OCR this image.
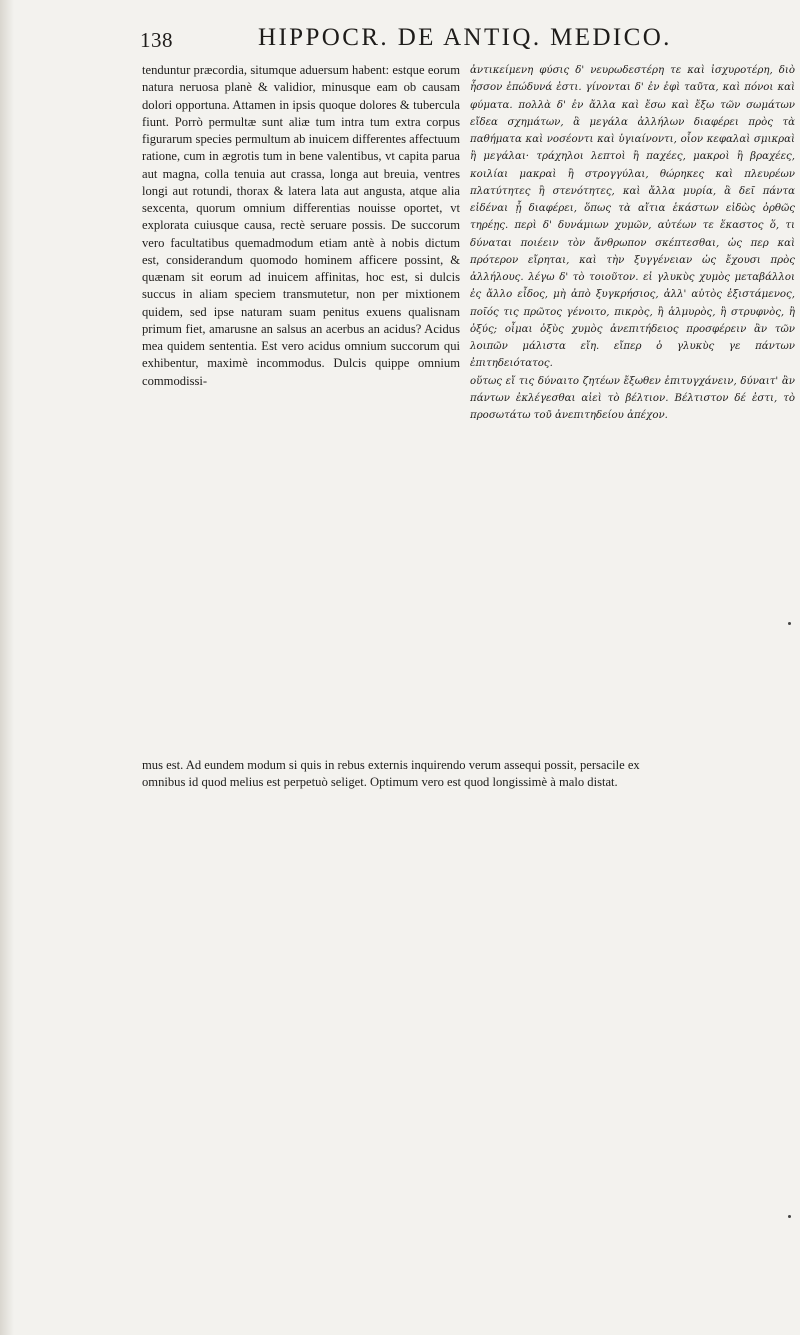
138	HIPPOCR. DE ANTIQ. MEDICO.

tenduntur præcordia, situmque aduersum habent: estque eorum natura neruosa planè & validior, minusque eam ob causam dolori opportuna. Attamen in ipsis quoque dolores & tubercula fiunt. Porrò permultæ sunt aliæ tum intra tum extra corpus figurarum species permultum ab inuicem differentes affectuum ratione, cum in ægrotis tum in bene valentibus, vt capita parua aut magna, colla tenuia aut crassa, longa aut breuia, ventres longi aut rotundi, thorax & latera lata aut angusta, atque alia sexcenta, quorum omnium differentias nouisse oportet, vt explorata cuiusque causa, rectè seruare possis. De succorum vero facultatibus quemadmodum etiam antè à nobis dictum est, considerandum quomodo hominem afficere possint, & quænam sit eorum ad inuicem affinitas, hoc est, si dulcis succus in aliam speciem transmutetur, non per mixtionem quidem, sed ipse naturam suam penitus exuens qualisnam primum fiet, amarusne an salsus an acerbus an acidus? Acidus mea quidem sententia. Est vero acidus omnium succorum qui exhibentur, maximè incommodus. Dulcis quippe omnium commodissi-

ἀντικείμενη φύσις δ' νευρωδεστέρη τε καὶ ἰσχυροτέρη, διὸ ἧσσον ἐπώδυνά ἐστι. γίνονται δ' ἐν ἐφὶ ταῦτα, καὶ πόνοι καὶ φύματα. πολλὰ δ' ἐν ἄλλα καὶ ἔσω καὶ ἔξω τῶν σωμάτων εἴδεα σχημάτων, ἃ μεγάλα ἀλλήλων διαφέρει πρὸς τὰ παθήματα καὶ νοσέοντι καὶ ὑγιαίνοντι, οἷον κεφαλαὶ σμικραὶ ἢ μεγάλαι· τράχηλοι λεπτοὶ ἢ παχέες, μακροὶ ἢ βραχέες, κοιλίαι μακραὶ ἢ στρογγύλαι, θώρηκες καὶ πλευρέων πλατύτητες ἢ στενότητες, καὶ ἄλλα μυρία, ἃ δεῖ πάντα εἰδέναι ᾗ διαφέρει, ὅπως τὰ αἴτια ἑκάστων εἰδὼς ὀρθῶς τηρέῃς. περὶ δ' δυνάμιων χυμῶν, αὐτέων τε ἕκαστος ὅ, τι δύναται ποιέειν τὸν ἄνθρωπον σκέπτεσθαι, ὡς περ καὶ πρότερον εἴρηται, καὶ τὴν ξυγγένειαν ὡς ἔχουσι πρὸς ἀλλήλους. λέγω δ' τὸ τοιοῦτον. εἰ γλυκὺς χυμὸς μεταβάλλοι ἐς ἄλλο εἶδος, μὴ ἀπὸ ξυγκρήσιος, ἀλλ' αὐτὸς ἐξιστάμενος, ποῖός τις πρῶτος γένοιτο, πικρὸς, ἢ ἁλμυρὸς, ἢ στρυφνὸς, ἢ ὀξύς; οἶμαι ὀξὺς χυμὸς ἀνεπιτήδειος προσφέρειν ἂν τῶν λοιπῶν μάλιστα εἴη. εἴπερ ὁ γλυκὺς γε πάντων ἐπιτηδειότατος.

οὕτως εἴ τις δύναιτο ζητέων ἔξωθεν ἐπιτυγχάνειν, δύναιτ' ἂν πάντων ἐκλέγεσθαι αἰεὶ τὸ βέλτιον. Βέλτιστον δέ ἐστι, τὸ προσωτάτω τοῦ ἀνεπιτηδείου ἀπέχον.

mus est. Ad eundem modum si quis in rebus externis inquirendo verum assequi possit, persacile ex

omnibus id quod melius est perpetuò seliget. Optimum vero est quod longissimè à malo distat.
